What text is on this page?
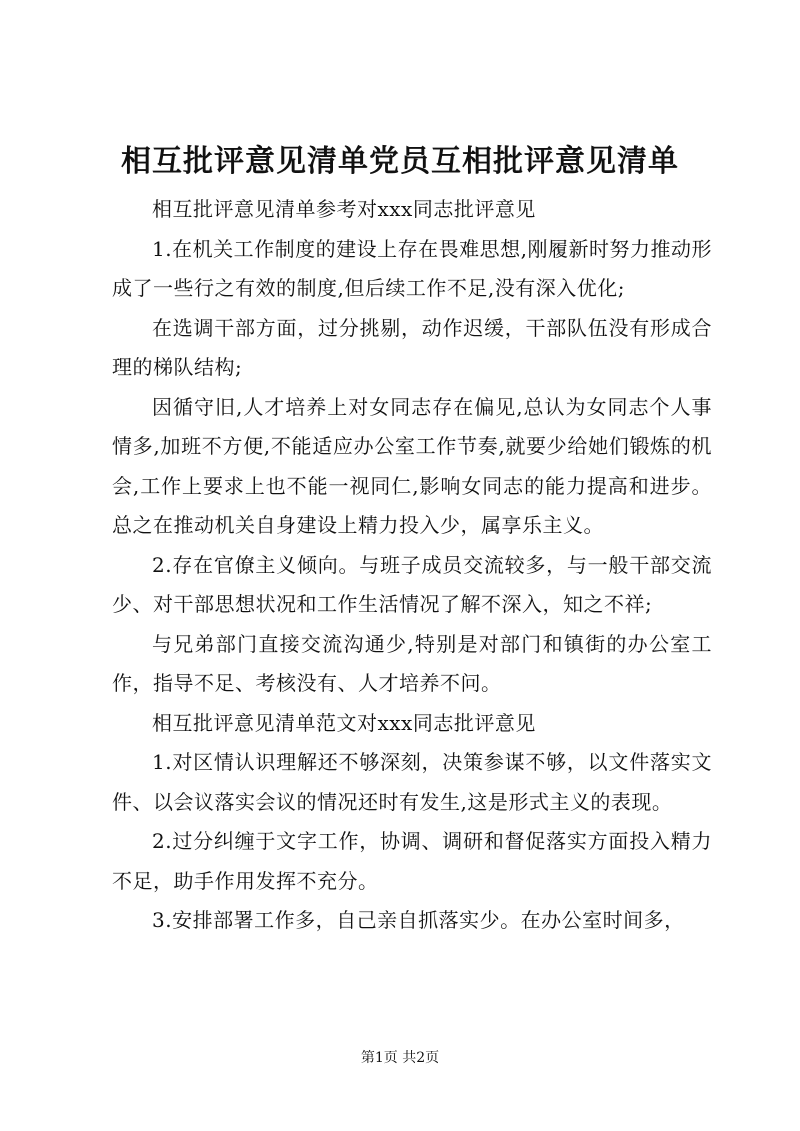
相互批评意见清单党员互相批评意见清单

相互批评意见清单参考对xxx同志批评意见

1.在机关工作制度的建设上存在畏难思想,刚履新时努力推动形成了一些行之有效的制度,但后续工作不足,没有深入优化;

在选调干部方面，过分挑剔，动作迟缓，干部队伍没有形成合理的梯队结构;

因循守旧,人才培养上对女同志存在偏见,总认为女同志个人事情多,加班不方便,不能适应办公室工作节奏,就要少给她们锻炼的机会,工作上要求上也不能一视同仁,影响女同志的能力提高和进步。总之在推动机关自身建设上精力投入少，属享乐主义。

2.存在官僚主义倾向。与班子成员交流较多，与一般干部交流少、对干部思想状况和工作生活情况了解不深入，知之不祥;

与兄弟部门直接交流沟通少,特别是对部门和镇街的办公室工作，指导不足、考核没有、人才培养不问。

相互批评意见清单范文对xxx同志批评意见

1.对区情认识理解还不够深刻，决策参谋不够，以文件落实文件、以会议落实会议的情况还时有发生,这是形式主义的表现。

2.过分纠缠于文字工作，协调、调研和督促落实方面投入精力不足，助手作用发挥不充分。

3.安排部署工作多，自己亲自抓落实少。在办公室时间多，

第1页 共2页
